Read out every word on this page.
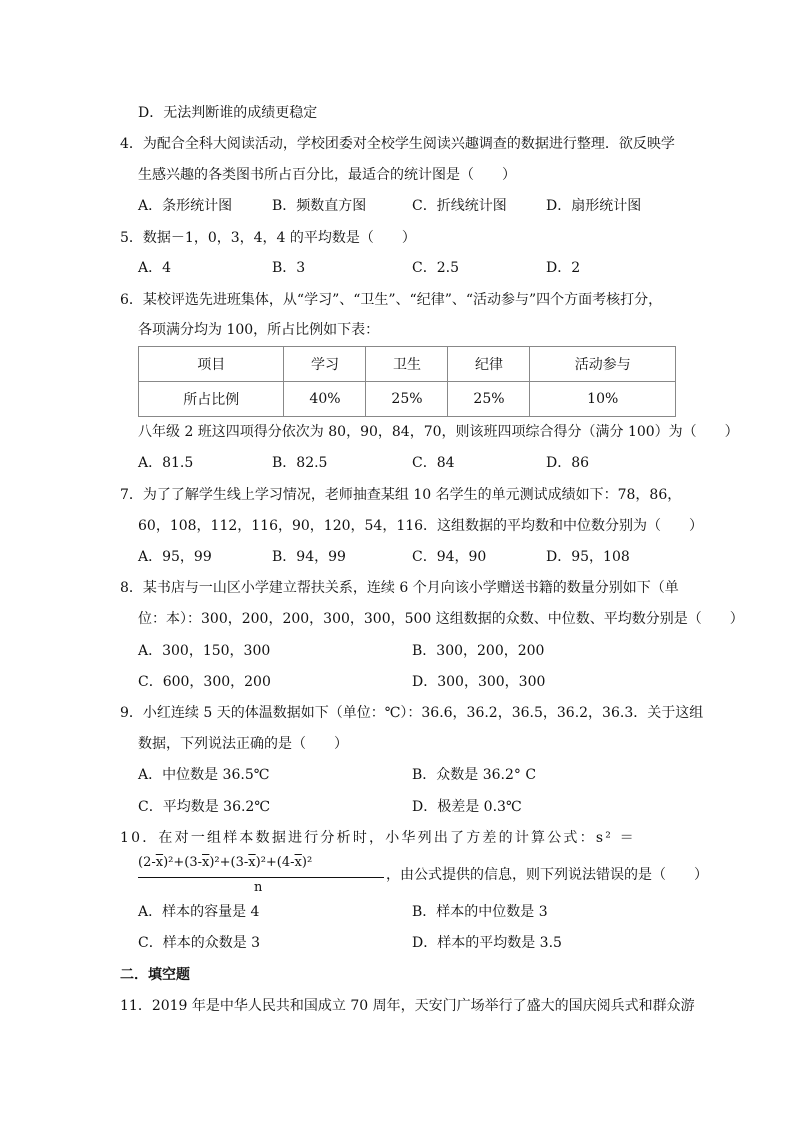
D．无法判断谁的成绩更稳定
4．为配合全科大阅读活动，学校团委对全校学生阅读兴趣调查的数据进行整理．欲反映学
生感兴趣的各类图书所占百分比，最适合的统计图是（　　）
A．条形统计图	B．频数直方图	C．折线统计图	D．扇形统计图
5．数据－1，0，3，4，4 的平均数是（　　）
A．4	B．3	C．2.5	D．2
6．某校评选先进班集体，从“学习”、“卫生”、“纪律”、“活动参与”四个方面考核打分，
各项满分均为 100，所占比例如下表：
项目	学习	卫生	纪律	活动参与
所占比例	40%	25%	25%	10%
八年级 2 班这四项得分依次为 80，90，84，70，则该班四项综合得分（满分 100）为（　　）
A．81.5	B．82.5	C．84	D．86
7．为了了解学生线上学习情况，老师抽查某组 10 名学生的单元测试成绩如下：78，86，
60，108，112，116，90，120，54，116．这组数据的平均数和中位数分别为（　　）
A．95，99	B．94，99	C．94，90	D．95，108
8．某书店与一山区小学建立帮扶关系，连续 6 个月向该小学赠送书籍的数量分别如下（单
位：本）：300，200，200，300，300，500 这组数据的众数、中位数、平均数分别是（　　）
A．300，150，300	B．300，200，200
C．600，300，200	D．300，300，300
9．小红连续 5 天的体温数据如下（单位：℃）：36.6，36.2，36.5，36.2，36.3．关于这组
数据，下列说法正确的是（　　）
A．中位数是 36.5℃	B．众数是 36.2° C
C．平均数是 36.2℃	D．极差是 0.3℃
10．在对一组样本数据进行分析时，小华列出了方差的计算公式：s² ＝
$(2-\overline{x})^2+(3-\overline{x})^2+(3-\overline{x})^2+(4-\overline{x})^2$
n
，由公式提供的信息，则下列说法错误的是（　　）
A．样本的容量是 4	B．样本的中位数是 3
C．样本的众数是 3	D．样本的平均数是 3.5
二．填空题
11．2019 年是中华人民共和国成立 70 周年，天安门广场举行了盛大的国庆阅兵式和群众游
